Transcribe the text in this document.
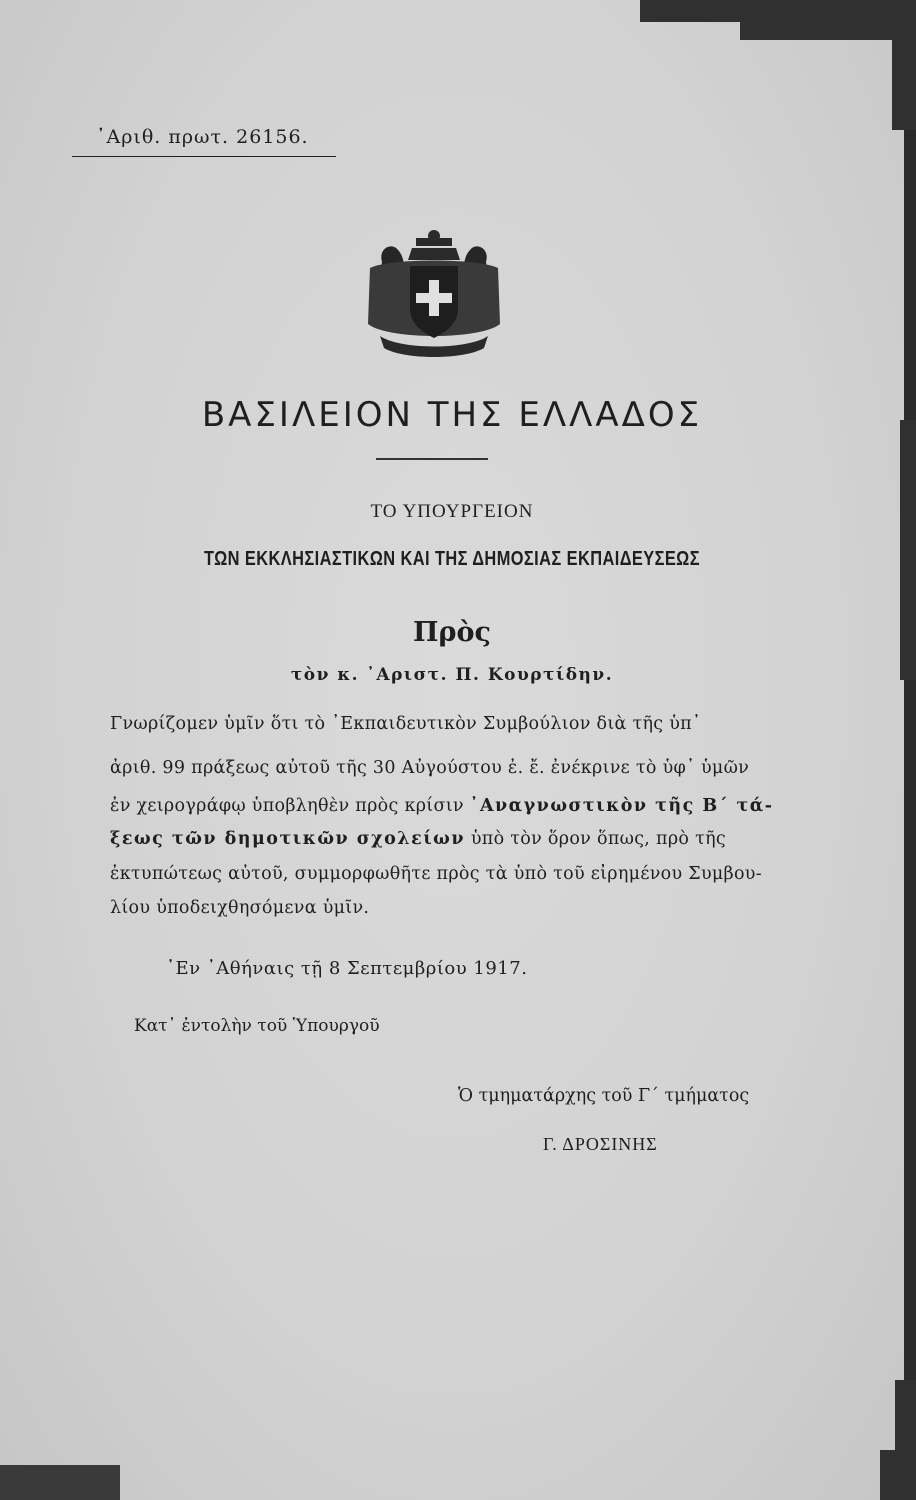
᾿Αριθ. πρωτ. 26156.
ΒΑΣΙΛΕΙΟΝ ΤΗΣ ΕΛΛΑΔΟΣ
ΤΟ ΥΠΟΥΡΓΕΙΟΝ
ΤΩΝ ΕΚΚΛΗΣΙΑΣΤΙΚΩΝ ΚΑΙ ΤΗΣ ΔΗΜΟΣΙΑΣ ΕΚΠΑΙΔΕΥΣΕΩΣ
Πρὸς
τὸν κ. ᾿Αριστ. Π. Κουρτίδην.
Γνωρίζομεν ὑμῖν ὅτι τὸ ᾿Εκπαιδευτικὸν Συμβούλιον διὰ τῆς ὑπ᾿
ἀριθ. 99 πράξεως αὐτοῦ τῆς 30 Αὐγούστου ἐ. ἔ. ἐνέκρινε τὸ ὑφ᾿ ὑμῶν
ἐν χειρογράφῳ ὑποβληθὲν πρὸς κρίσιν ᾿Αναγνωστικὸν τῆς Β΄ τά-
ξεως τῶν δημοτικῶν σχολείων ὑπὸ τὸν ὅρον ὅπως, πρὸ τῆς
ἐκτυπώτεως αὐτοῦ, συμμορφωθῆτε πρὸς τὰ ὑπὸ τοῦ εἰρημένου Συμβου-
λίου ὑποδειχθησόμενα ὑμῖν.
᾿Εν ᾿Αθήναις τῇ 8 Σεπτεμβρίου 1917.
Κατ᾿ ἐντολὴν τοῦ Ὑπουργοῦ
Ὁ τμηματάρχης τοῦ Γ΄ τμήματος
Γ. ΔΡΟΣΙΝΗΣ
